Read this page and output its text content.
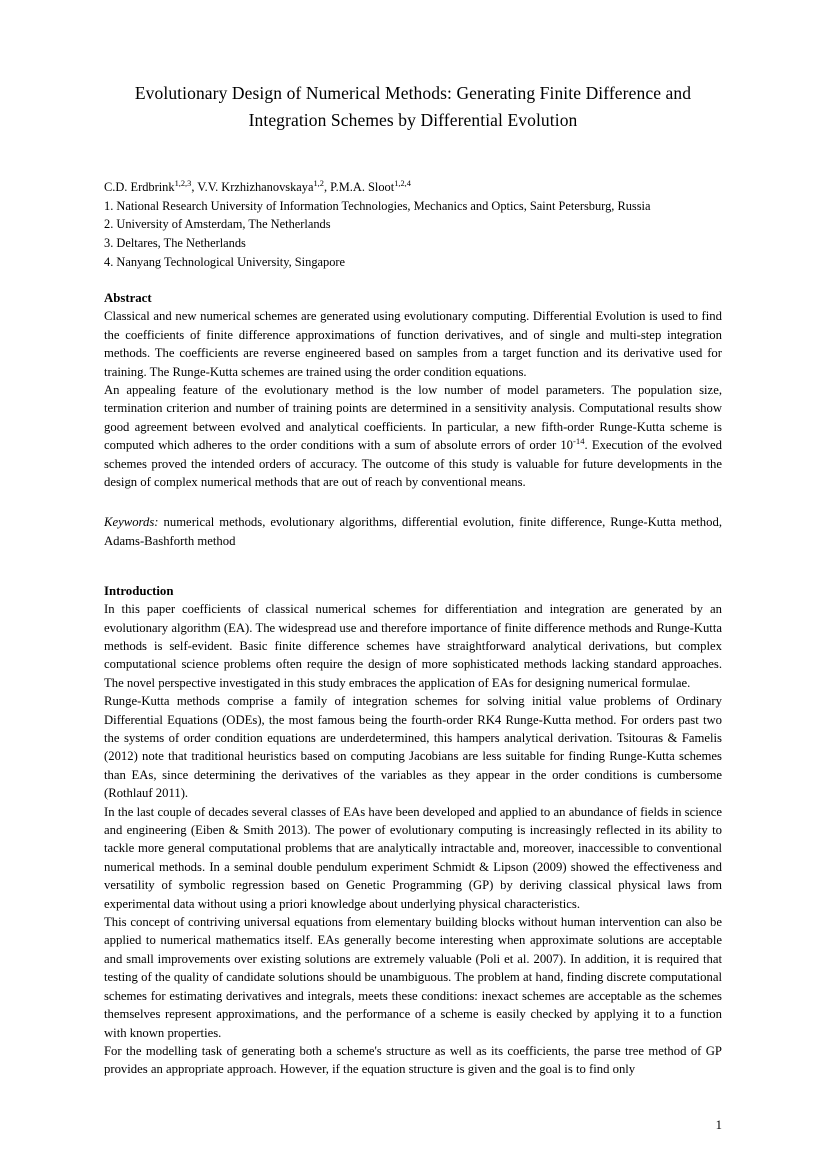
Evolutionary Design of Numerical Methods: Generating Finite Difference and
Integration Schemes by Differential Evolution
C.D. Erdbrink$^{1,2,3}$, V.V. Krzhizhanovskaya$^{1,2}$, P.M.A. Sloot$^{1,2,4}$
1. National Research University of Information Technologies, Mechanics and Optics, Saint Petersburg, Russia
2. University of Amsterdam, The Netherlands
3. Deltares, The Netherlands
4. Nanyang Technological University, Singapore
Abstract

Classical and new numerical schemes are generated using evolutionary computing. Differential Evolution is used to find the coefficients of finite difference approximations of function derivatives, and of single and multi-step integration methods. The coefficients are reverse engineered based on samples from a target function and its derivative used for training. The Runge-Kutta schemes are trained using the order condition equations.

An appealing feature of the evolutionary method is the low number of model parameters. The population size, termination criterion and number of training points are determined in a sensitivity analysis. Computational results show good agreement between evolved and analytical coefficients. In particular, a new fifth-order Runge-Kutta scheme is computed which adheres to the order conditions with a sum of absolute errors of order $10^{-14}$. Execution of the evolved schemes proved the intended orders of accuracy. The outcome of this study is valuable for future developments in the design of complex numerical methods that are out of reach by conventional means.

Keywords: numerical methods, evolutionary algorithms, differential evolution, finite difference, Runge-Kutta method, Adams-Bashforth method

Introduction

In this paper coefficients of classical numerical schemes for differentiation and integration are generated by an evolutionary algorithm (EA). The widespread use and therefore importance of finite difference methods and Runge-Kutta methods is self-evident. Basic finite difference schemes have straightforward analytical derivations, but complex computational science problems often require the design of more sophisticated methods lacking standard approaches. The novel perspective investigated in this study embraces the application of EAs for designing numerical formulae.

Runge-Kutta methods comprise a family of integration schemes for solving initial value problems of Ordinary Differential Equations (ODEs), the most famous being the fourth-order RK4 Runge-Kutta method. For orders past two the systems of order condition equations are underdetermined, this hampers analytical derivation. Tsitouras & Famelis (2012) note that traditional heuristics based on computing Jacobians are less suitable for finding Runge-Kutta schemes than EAs, since determining the derivatives of the variables as they appear in the order conditions is cumbersome (Rothlauf 2011).

In the last couple of decades several classes of EAs have been developed and applied to an abundance of fields in science and engineering (Eiben & Smith 2013). The power of evolutionary computing is increasingly reflected in its ability to tackle more general computational problems that are analytically intractable and, moreover, inaccessible to conventional numerical methods. In a seminal double pendulum experiment Schmidt & Lipson (2009) showed the effectiveness and versatility of symbolic regression based on Genetic Programming (GP) by deriving classical physical laws from experimental data without using a priori knowledge about underlying physical characteristics.

This concept of contriving universal equations from elementary building blocks without human intervention can also be applied to numerical mathematics itself. EAs generally become interesting when approximate solutions are acceptable and small improvements over existing solutions are extremely valuable (Poli et al. 2007). In addition, it is required that testing of the quality of candidate solutions should be unambiguous. The problem at hand, finding discrete computational schemes for estimating derivatives and integrals, meets these conditions: inexact schemes are acceptable as the schemes themselves represent approximations, and the performance of a scheme is easily checked by applying it to a function with known properties.

For the modelling task of generating both a scheme's structure as well as its coefficients, the parse tree method of GP provides an appropriate approach. However, if the equation structure is given and the goal is to find only

1
